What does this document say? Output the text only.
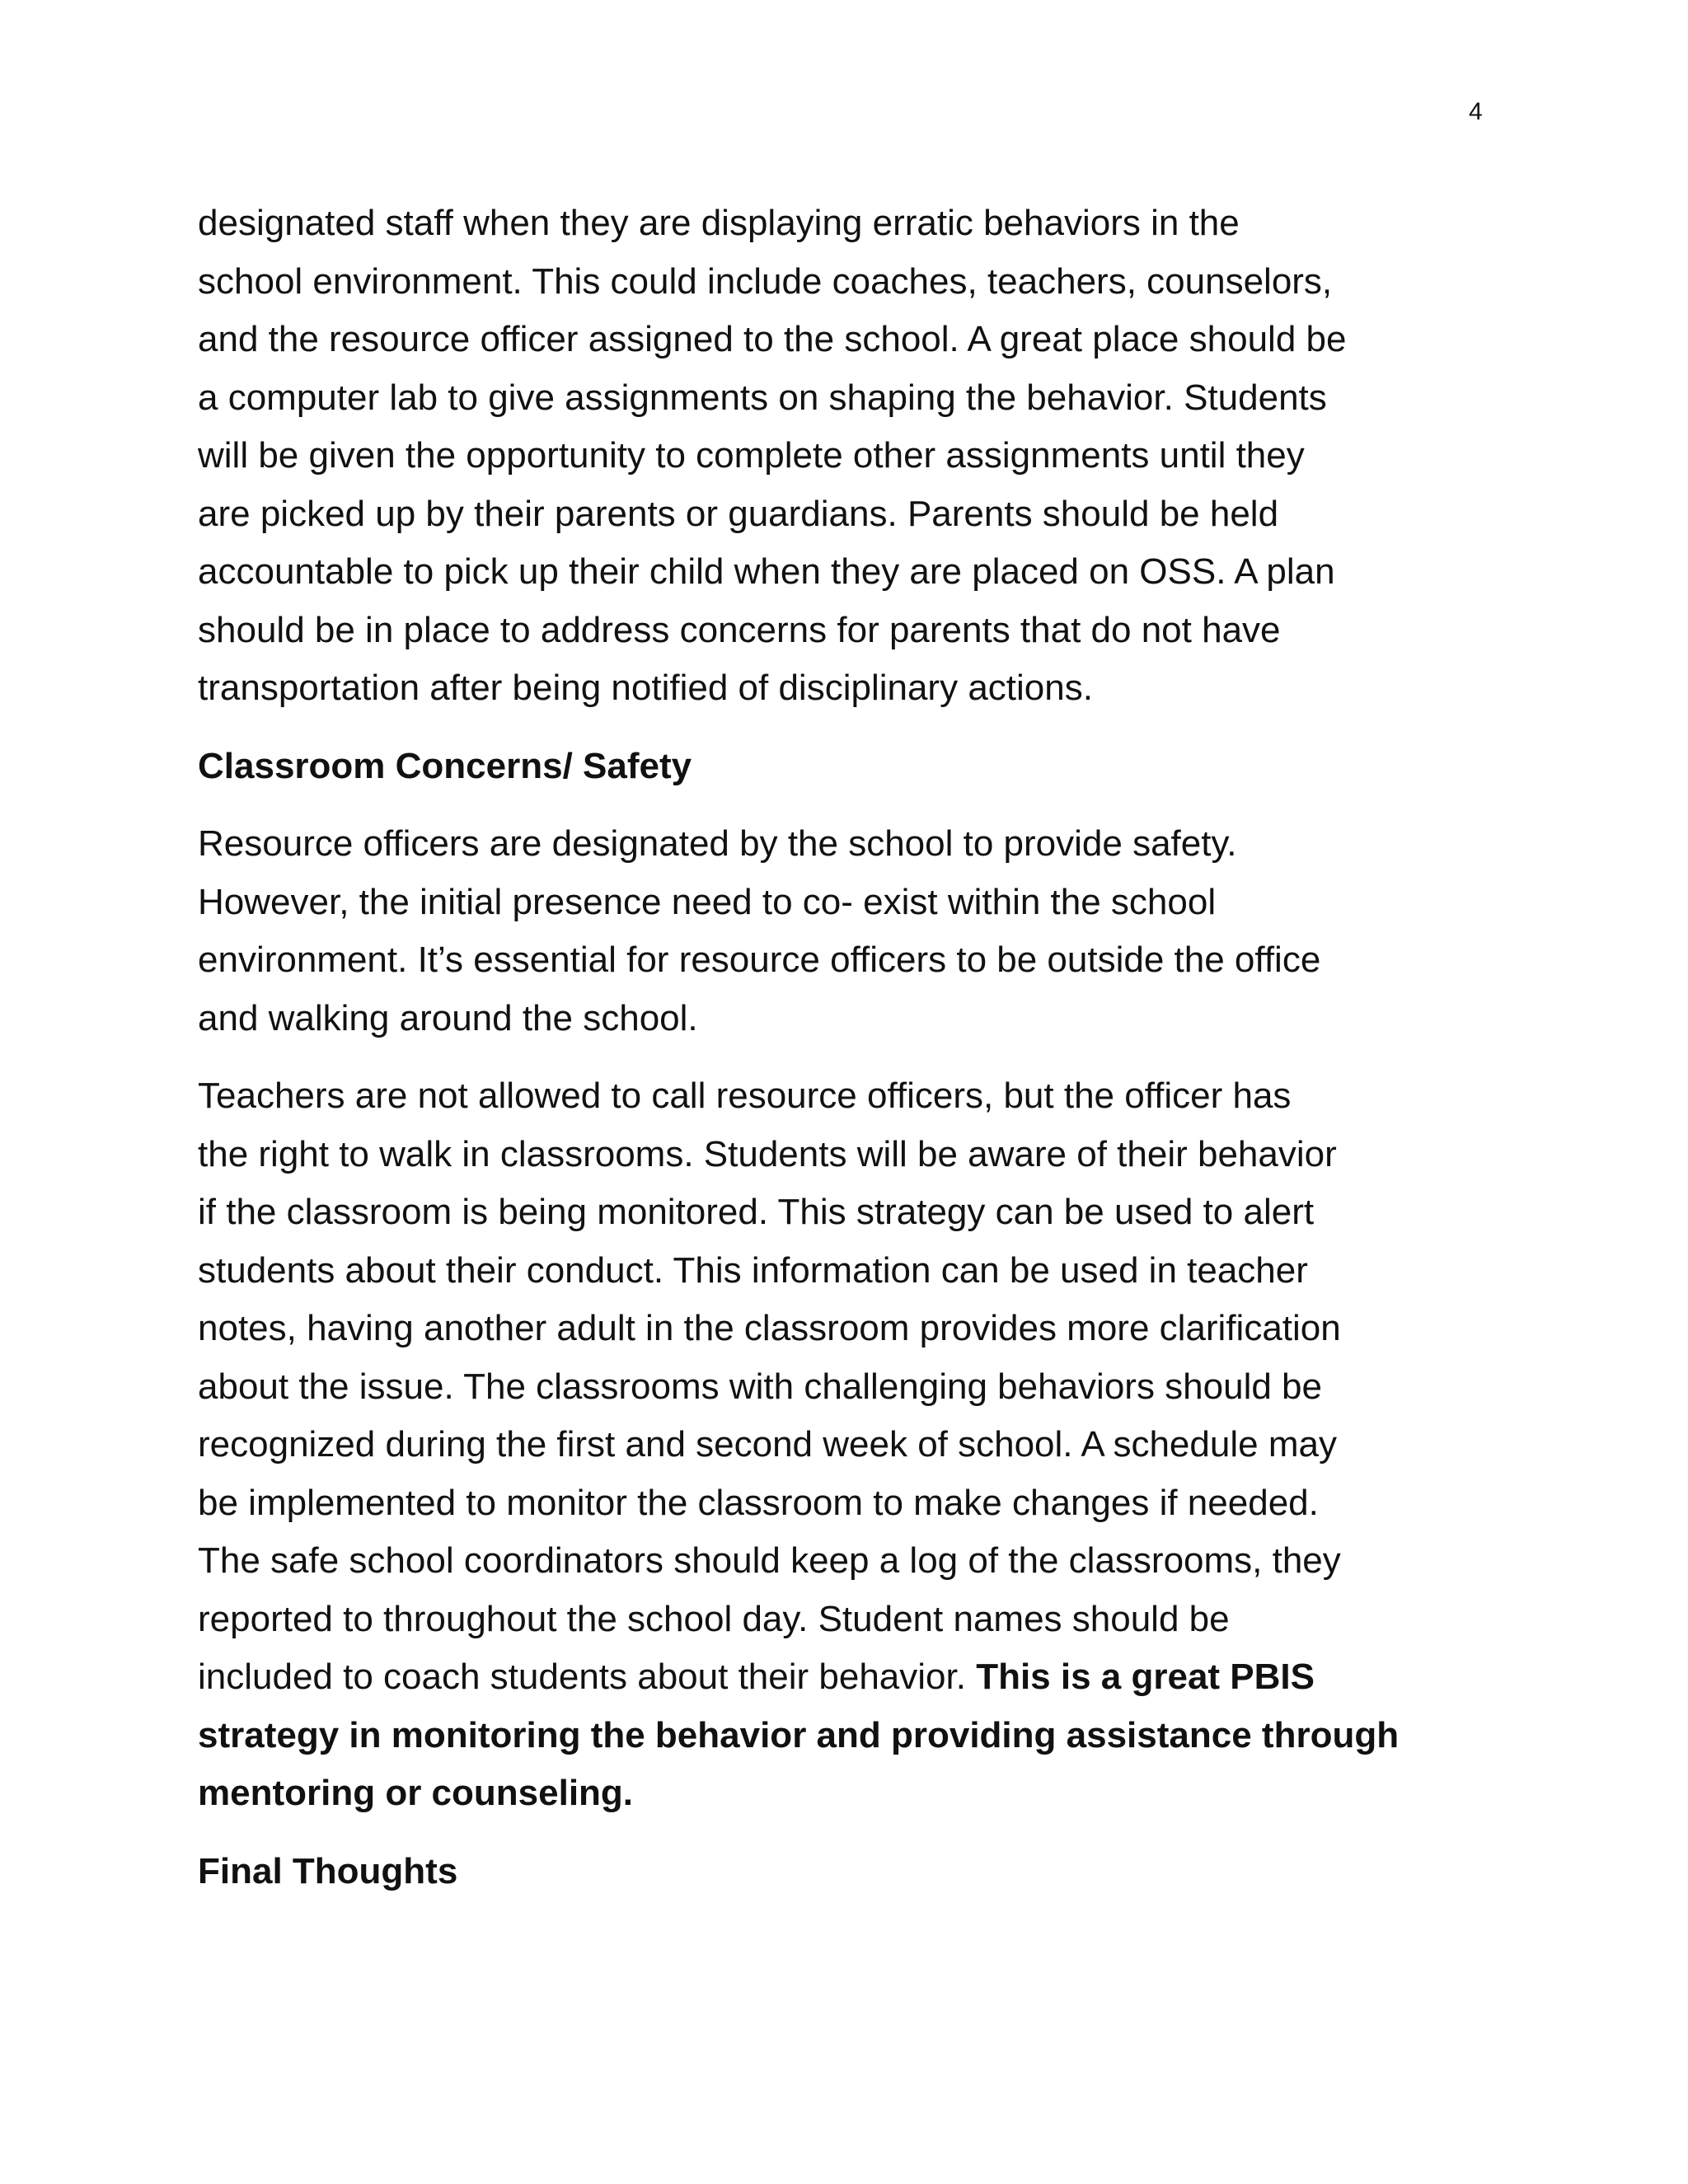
4

designated staff when they are displaying erratic behaviors in the
school environment. This could include coaches, teachers, counselors,
and the resource officer assigned to the school. A great place should be
a computer lab to give assignments on shaping the behavior. Students
will be given the opportunity to complete other assignments until they
are picked up by their parents or guardians. Parents should be held
accountable to pick up their child when they are placed on OSS. A plan
should be in place to address concerns for parents that do not have
transportation after being notified of disciplinary actions.

Classroom Concerns/ Safety

Resource officers are designated by the school to provide safety.
However, the initial presence need to co- exist within the school
environment. It’s essential for resource officers to be outside the office
and walking around the school.

Teachers are not allowed to call resource officers, but the officer has
the right to walk in classrooms. Students will be aware of their behavior
if the classroom is being monitored. This strategy can be used to alert
students about their conduct. This information can be used in teacher
notes, having another adult in the classroom provides more clarification
about the issue. The classrooms with challenging behaviors should be
recognized during the first and second week of school. A schedule may
be implemented to monitor the classroom to make changes if needed.
The safe school coordinators should keep a log of the classrooms, they
reported to throughout the school day. Student names should be
included to coach students about their behavior. This is a great PBIS
strategy in monitoring the behavior and providing assistance through
mentoring or counseling.

Final Thoughts
